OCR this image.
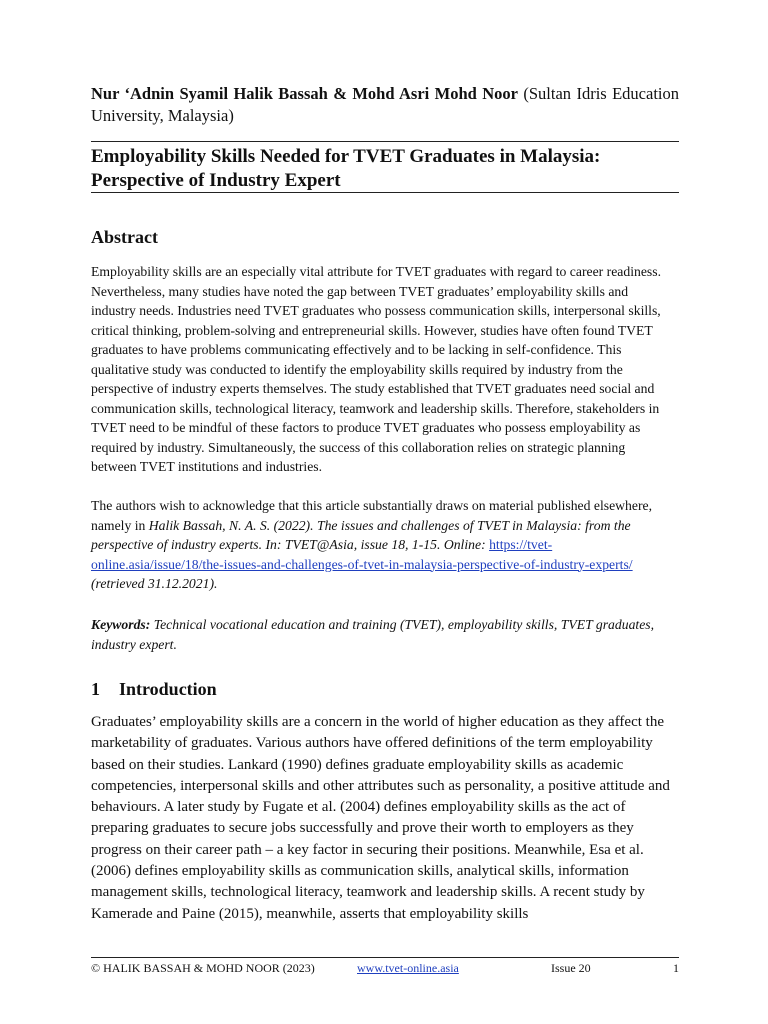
Nur ‘Adnin Syamil Halik Bassah & Mohd Asri Mohd Noor (Sultan Idris Education University, Malaysia)
Employability Skills Needed for TVET Graduates in Malaysia: Perspective of Industry Expert
Abstract

Employability skills are an especially vital attribute for TVET graduates with regard to career readiness. Nevertheless, many studies have noted the gap between TVET graduates’ employability skills and industry needs. Industries need TVET graduates who possess communication skills, interpersonal skills, critical thinking, problem-solving and entrepreneurial skills. However, studies have often found TVET graduates to have problems communicating effectively and to be lacking in self-confidence. This qualitative study was conducted to identify the employability skills required by industry from the perspective of industry experts themselves. The study established that TVET graduates need social and communication skills, technological literacy, teamwork and leadership skills. Therefore, stakeholders in TVET need to be mindful of these factors to produce TVET graduates who possess employability as required by industry. Simultaneously, the success of this collaboration relies on strategic planning between TVET institutions and industries.

The authors wish to acknowledge that this article substantially draws on material published elsewhere, namely in Halik Bassah, N. A. S. (2022). The issues and challenges of TVET in Malaysia: from the perspective of industry experts. In: TVET@Asia, issue 18, 1-15. Online: https://tvet-online.asia/issue/18/the-issues-and-challenges-of-tvet-in-malaysia-perspective-of-industry-experts/ (retrieved 31.12.2021).

Keywords: Technical vocational education and training (TVET), employability skills, TVET graduates, industry expert.

1 Introduction

Graduates’ employability skills are a concern in the world of higher education as they affect the marketability of graduates. Various authors have offered definitions of the term employability based on their studies. Lankard (1990) defines graduate employability skills as academic competencies, interpersonal skills and other attributes such as personality, a positive attitude and behaviours. A later study by Fugate et al. (2004) defines employability skills as the act of preparing graduates to secure jobs successfully and prove their worth to employers as they progress on their career path – a key factor in securing their positions. Meanwhile, Esa et al. (2006) defines employability skills as communication skills, analytical skills, information management skills, technological literacy, teamwork and leadership skills. A recent study by Kamerade and Paine (2015), meanwhile, asserts that employability skills

© HALIK BASSAH & MOHD NOOR (2023)	www.tvet-online.asia	Issue 20	1
